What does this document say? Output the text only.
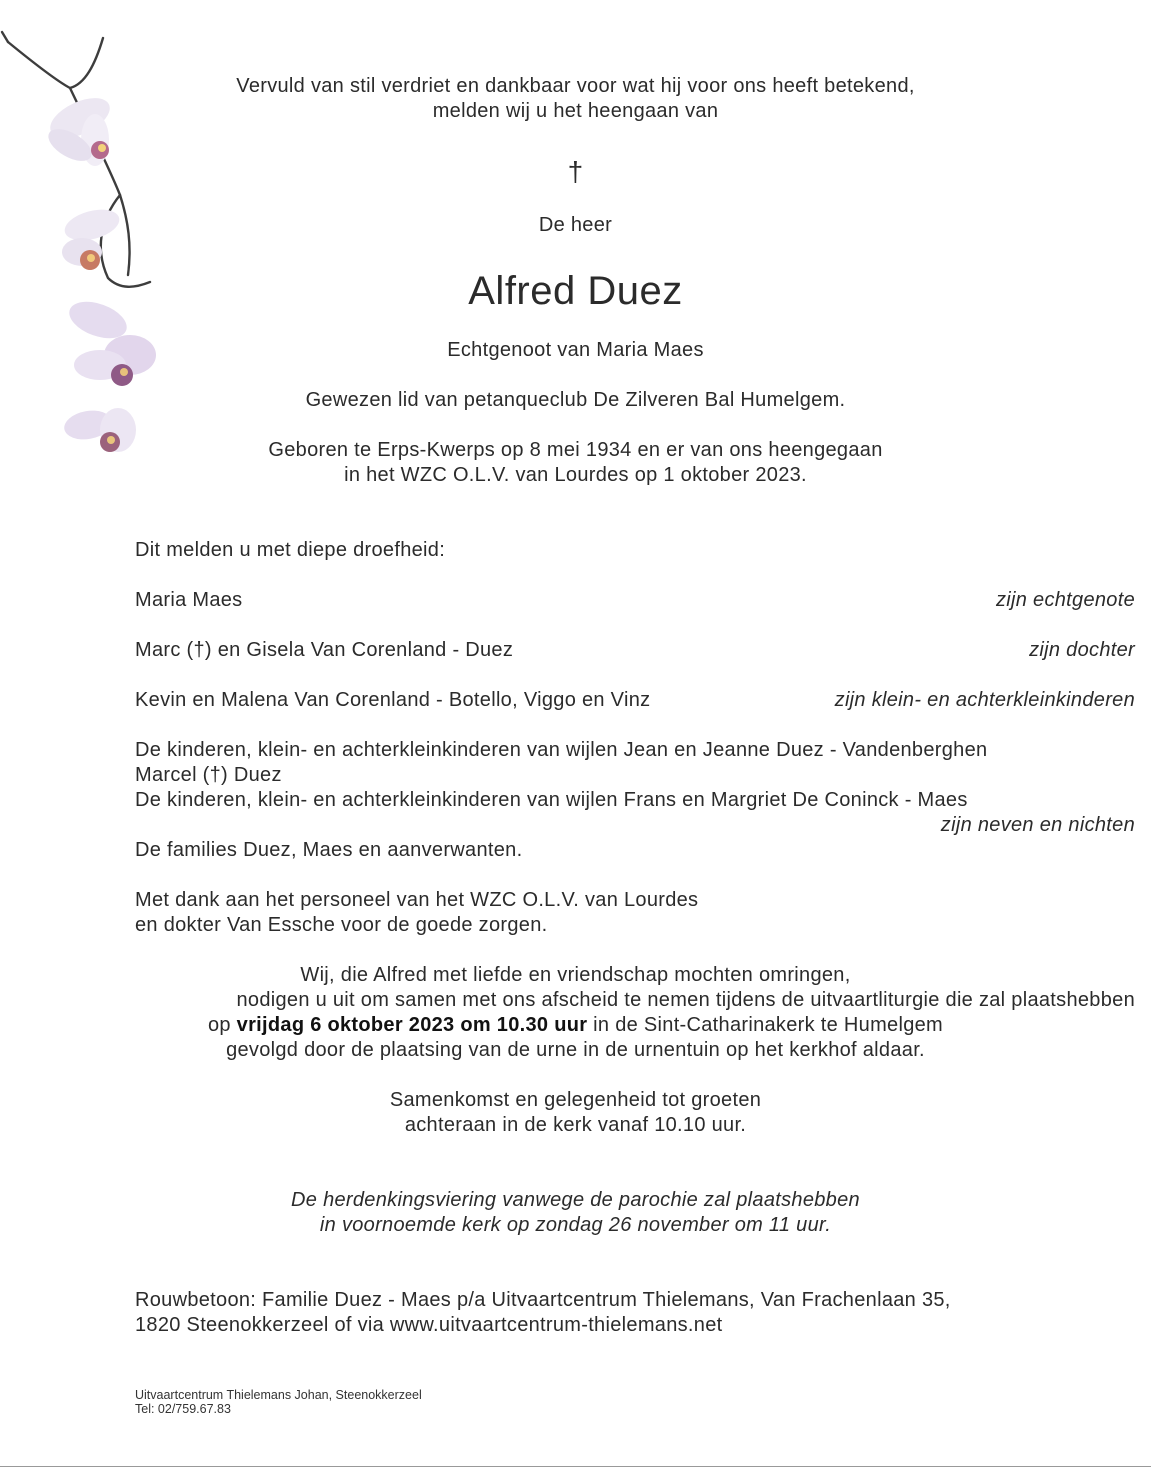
Vervuld van stil verdriet en dankbaar voor wat hij voor ons heeft betekend,
melden wij u het heengaan van
†
De heer
Alfred Duez
Echtgenoot van Maria Maes
Gewezen lid van petanqueclub De Zilveren Bal Humelgem.
Geboren te Erps-Kwerps op 8 mei 1934 en er van ons heengegaan
in het WZC O.L.V. van Lourdes op 1 oktober 2023.
Dit melden u met diepe droefheid:
Maria Maes	zijn echtgenote
Marc (†) en Gisela Van Corenland - Duez	zijn dochter
Kevin en Malena Van Corenland - Botello, Viggo en Vinz	zijn klein- en achterkleinkinderen
De kinderen, klein- en achterkleinkinderen van wijlen Jean en Jeanne Duez - Vandenberghen
Marcel (†) Duez
De kinderen, klein- en achterkleinkinderen van wijlen Frans en Margriet De Coninck - Maes
zijn neven en nichten
De families Duez, Maes en aanverwanten.
Met dank aan het personeel van het WZC O.L.V. van Lourdes
en dokter Van Essche voor de goede zorgen.
Wij, die Alfred met liefde en vriendschap mochten omringen,
nodigen u uit om samen met ons afscheid te nemen tijdens de uitvaartliturgie die zal plaatshebben
op vrijdag 6 oktober 2023 om 10.30 uur in de Sint-Catharinakerk te Humelgem
gevolgd door de plaatsing van de urne in de urnentuin op het kerkhof aldaar.
Samenkomst en gelegenheid tot groeten
achteraan in de kerk vanaf 10.10 uur.
De herdenkingsviering vanwege de parochie zal plaatshebben
in voornoemde kerk op zondag 26 november om 11 uur.
Rouwbetoon: Familie Duez - Maes p/a Uitvaartcentrum Thielemans, Van Frachenlaan 35,
1820 Steenokkerzeel of via www.uitvaartcentrum-thielemans.net
Uitvaartcentrum Thielemans Johan, Steenokkerzeel
Tel: 02/759.67.83
